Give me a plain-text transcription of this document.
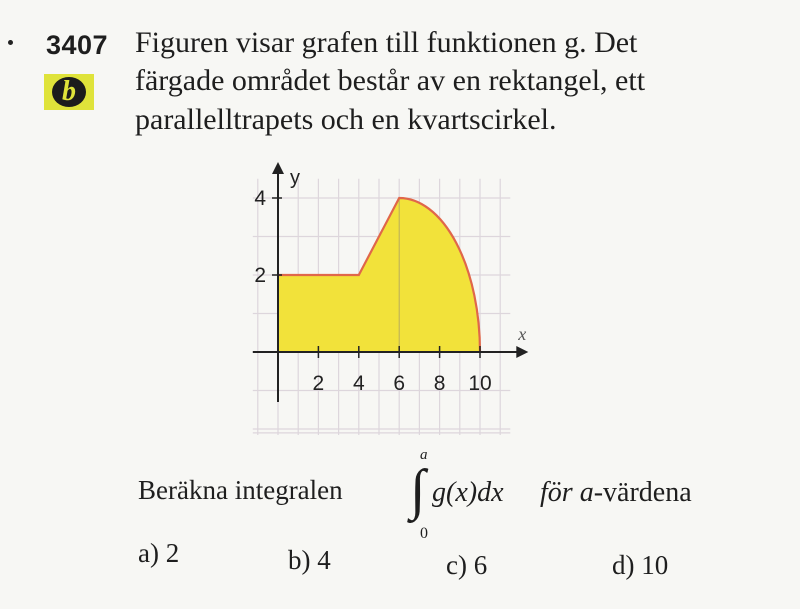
3407
b
Figuren visar grafen till funktionen g. Det
färgade området består av en rektangel, ett
parallelltrapets och en kvartscirkel.
2 4 6 8 10
2
4
x
y
Beräkna integralen ∫
a
0
g(x)dx för a-värdena
a) 2	b) 4	c) 6	d) 10
